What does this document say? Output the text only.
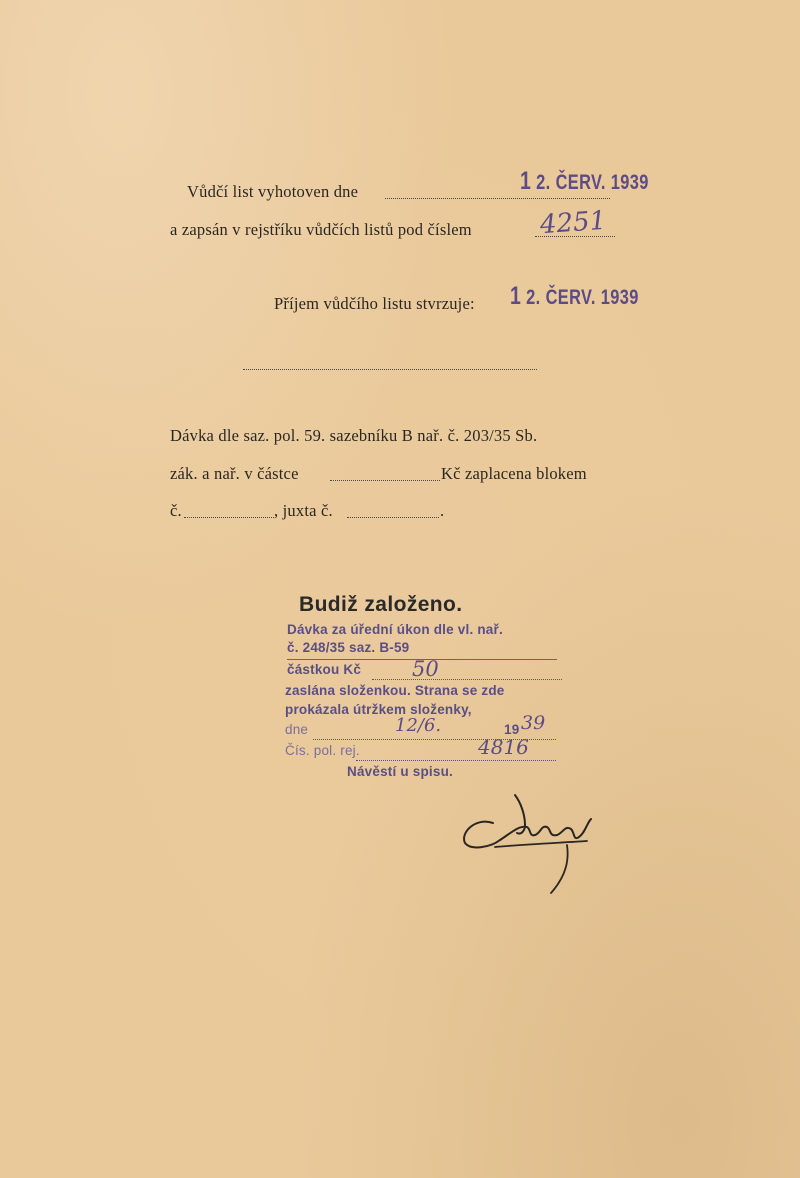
Vůdčí list vyhotoven dne	1 2. ČERV. 1939
a zapsán v rejstříku vůdčích listů pod číslem	4251
Příjem vůdčího listu stvrzuje: 1 2. ČERV. 1939
Dávka dle saz. pol. 59. sazebníku B nař. č. 203/35 Sb.
zák. a nař. v částce	Kč zaplacena blokem
č.	, juxta č.	.
Budiž založeno.
Dávka za úřední úkon dle vl. nař.
č. 248/35 saz. B-59
částkou Kč 50
zaslána složenkou. Strana se zde
prokázala útržkem složenky,
dne	12/6.	19 39
Čís. pol. rej.	4816
Návěstí u spisu.
